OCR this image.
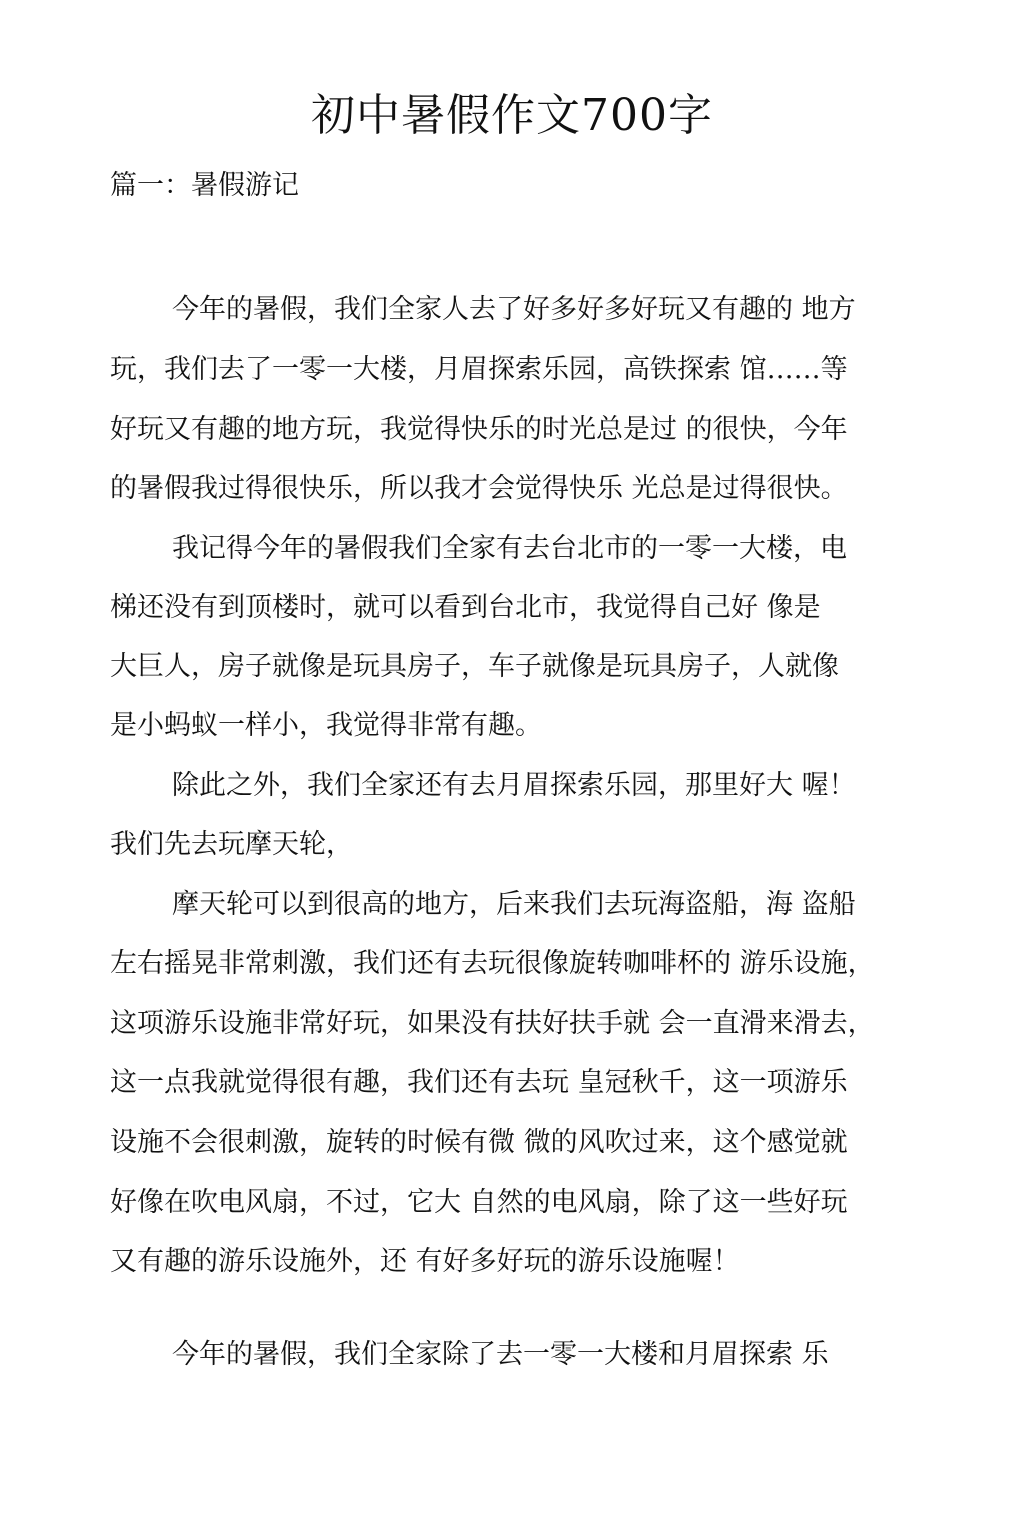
初中暑假作文700字

篇一：暑假游记

今年的暑假，我们全家人去了好多好多好玩又有趣的 地方

玩，我们去了一零一大楼，月眉探索乐园，高铁探索 馆……等

好玩又有趣的地方玩，我觉得快乐的时光总是过 的很快，今年

的暑假我过得很快乐，所以我才会觉得快乐 光总是过得很快。

我记得今年的暑假我们全家有去台北市的一零一大楼，电

梯还没有到顶楼时，就可以看到台北市，我觉得自己好 像是

大巨人，房子就像是玩具房子，车子就像是玩具房子，人就像

是小蚂蚁一样小，我觉得非常有趣。

除此之外，我们全家还有去月眉探索乐园，那里好大 喔！

我们先去玩摩天轮，

摩天轮可以到很高的地方，后来我们去玩海盗船，海 盗船

左右摇晃非常刺激，我们还有去玩很像旋转咖啡杯的 游乐设施，

这项游乐设施非常好玩，如果没有扶好扶手就 会一直滑来滑去，

这一点我就觉得很有趣，我们还有去玩 皇冠秋千，这一项游乐

设施不会很刺激，旋转的时候有微 微的风吹过来，这个感觉就

好像在吹电风扇，不过，它大 自然的电风扇，除了这一些好玩

又有趣的游乐设施外，还 有好多好玩的游乐设施喔！

今年的暑假，我们全家除了去一零一大楼和月眉探索 乐
